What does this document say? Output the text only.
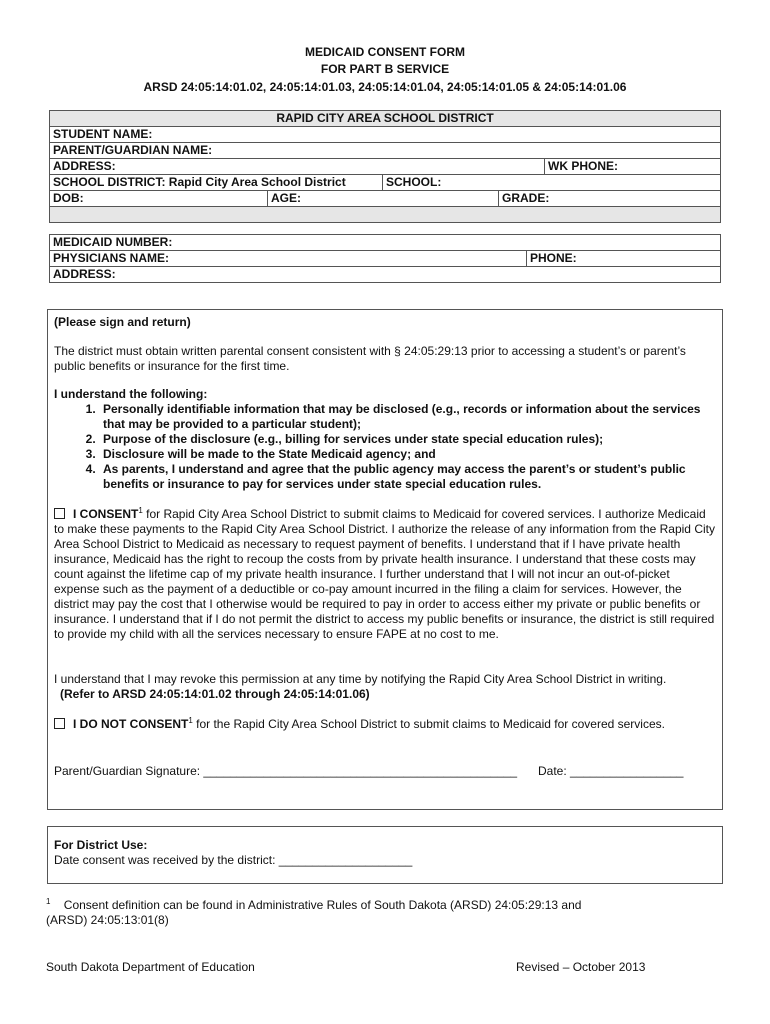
MEDICAID CONSENT FORM
FOR PART B SERVICE
ARSD 24:05:14:01.02, 24:05:14:01.03, 24:05:14:01.04, 24:05:14:01.05 & 24:05:14:01.06
RAPID CITY AREA SCHOOL DISTRICT				
STUDENT NAME:				
PARENT/GUARDIAN NAME:				
ADDRESS:				WK PHONE:
SCHOOL DISTRICT: Rapid City Area School District		SCHOOL:		
DOB:	AGE:		GRADE:	

MEDICAID NUMBER:
PHYSICIANS NAME:	PHONE:
ADDRESS:
(Please sign and return)
The district must obtain written parental consent consistent with § 24:05:29:13 prior to accessing a student’s or parent’s public benefits or insurance for the first time.
I understand the following:
1. Personally identifiable information that may be disclosed (e.g., records or information about the services that may be provided to a particular student);
2. Purpose of the disclosure (e.g., billing for services under state special education rules);
3. Disclosure will be made to the State Medicaid agency; and
4. As parents, I understand and agree that the public agency may access the parent’s or student’s public benefits or insurance to pay for services under state special education rules.
I CONSENT$^1$ for Rapid City Area School District to submit claims to Medicaid for covered services. I authorize Medicaid to make these payments to the Rapid City Area School District. I authorize the release of any information from the Rapid City Area School District to Medicaid as necessary to request payment of benefits. I understand that if I have private health insurance, Medicaid has the right to recoup the costs from by private health insurance. I understand that these costs may count against the lifetime cap of my private health insurance. I further understand that I will not incur an out-of-picket expense such as the payment of a deductible or co-pay amount incurred in the filing a claim for services. However, the district may pay the cost that I otherwise would be required to pay in order to access either my private or public benefits or insurance. I understand that if I do not permit the district to access my public benefits or insurance, the district is still required to provide my child with all the services necessary to ensure FAPE at no cost to me.
I understand that I may revoke this permission at any time by notifying the Rapid City Area School District in writing.
(Refer to ARSD 24:05:14:01.02 through 24:05:14:01.06)
I DO NOT CONSENT$^1$ for the Rapid City Area School District to submit claims to Medicaid for covered services.
Parent/Guardian Signature: _______________________________________________ Date: _________________
For District Use:
Date consent was received by the district: ____________________
$^1$ Consent definition can be found in Administrative Rules of South Dakota (ARSD) 24:05:29:13 and (ARSD) 24:05:13:01(8)
South Dakota Department of Education	Revised – October 2013
